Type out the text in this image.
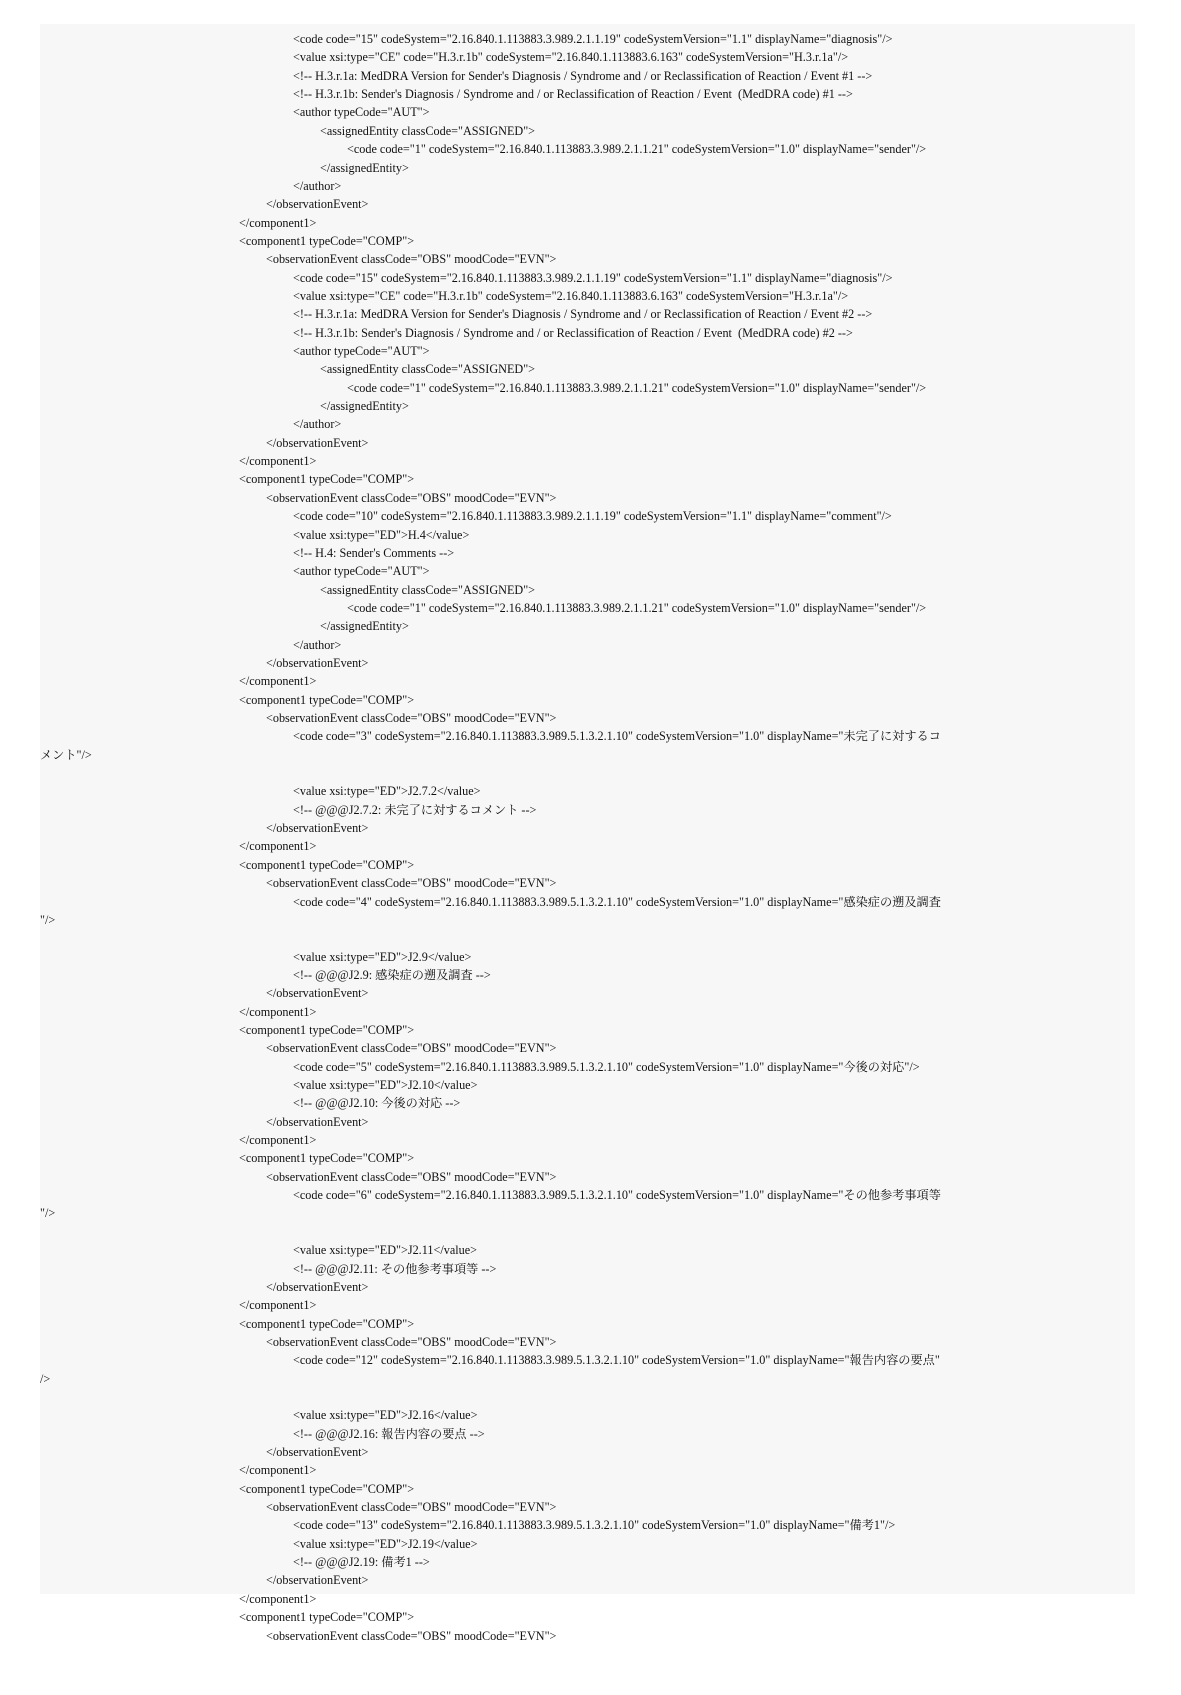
<code code="15" codeSystem="2.16.840.1.113883.3.989.2.1.1.19" codeSystemVersion="1.1" displayName="diagnosis"/>
<value xsi:type="CE" code="H.3.r.1b" codeSystem="2.16.840.1.113883.6.163" codeSystemVersion="H.3.r.1a"/>
<!-- H.3.r.1a: MedDRA Version for Sender's Diagnosis / Syndrome and / or Reclassification of Reaction / Event #1 -->
<!-- H.3.r.1b: Sender's Diagnosis / Syndrome and / or Reclassification of Reaction / Event  (MedDRA code) #1 -->
<author typeCode="AUT">
<assignedEntity classCode="ASSIGNED">
<code code="1" codeSystem="2.16.840.1.113883.3.989.2.1.1.21" codeSystemVersion="1.0" displayName="sender"/>
</assignedEntity>
</author>
</observationEvent>
</component1>
<component1 typeCode="COMP">
<observationEvent classCode="OBS" moodCode="EVN">
<code code="15" codeSystem="2.16.840.1.113883.3.989.2.1.1.19" codeSystemVersion="1.1" displayName="diagnosis"/>
<value xsi:type="CE" code="H.3.r.1b" codeSystem="2.16.840.1.113883.6.163" codeSystemVersion="H.3.r.1a"/>
<!-- H.3.r.1a: MedDRA Version for Sender's Diagnosis / Syndrome and / or Reclassification of Reaction / Event #2 -->
<!-- H.3.r.1b: Sender's Diagnosis / Syndrome and / or Reclassification of Reaction / Event  (MedDRA code) #2 -->
<author typeCode="AUT">
<assignedEntity classCode="ASSIGNED">
<code code="1" codeSystem="2.16.840.1.113883.3.989.2.1.1.21" codeSystemVersion="1.0" displayName="sender"/>
</assignedEntity>
</author>
</observationEvent>
</component1>
<component1 typeCode="COMP">
<observationEvent classCode="OBS" moodCode="EVN">
<code code="10" codeSystem="2.16.840.1.113883.3.989.2.1.1.19" codeSystemVersion="1.1" displayName="comment"/>
<value xsi:type="ED">H.4</value>
<!-- H.4: Sender's Comments -->
<author typeCode="AUT">
<assignedEntity classCode="ASSIGNED">
<code code="1" codeSystem="2.16.840.1.113883.3.989.2.1.1.21" codeSystemVersion="1.0" displayName="sender"/>
</assignedEntity>
</author>
</observationEvent>
</component1>
<component1 typeCode="COMP">
<observationEvent classCode="OBS" moodCode="EVN">
<code code="3" codeSystem="2.16.840.1.113883.3.989.5.1.3.2.1.10" codeSystemVersion="1.0" displayName="未完了に対するコ
メント"/>
<value xsi:type="ED">J2.7.2</value>
<!-- @@@J2.7.2: 未完了に対するコメント -->
</observationEvent>
</component1>
<component1 typeCode="COMP">
<observationEvent classCode="OBS" moodCode="EVN">
<code code="4" codeSystem="2.16.840.1.113883.3.989.5.1.3.2.1.10" codeSystemVersion="1.0" displayName="感染症の遡及調査
"/>
<value xsi:type="ED">J2.9</value>
<!-- @@@J2.9: 感染症の遡及調査 -->
</observationEvent>
</component1>
<component1 typeCode="COMP">
<observationEvent classCode="OBS" moodCode="EVN">
<code code="5" codeSystem="2.16.840.1.113883.3.989.5.1.3.2.1.10" codeSystemVersion="1.0" displayName="今後の対応"/>
<value xsi:type="ED">J2.10</value>
<!-- @@@J2.10: 今後の対応 -->
</observationEvent>
</component1>
<component1 typeCode="COMP">
<observationEvent classCode="OBS" moodCode="EVN">
<code code="6" codeSystem="2.16.840.1.113883.3.989.5.1.3.2.1.10" codeSystemVersion="1.0" displayName="その他参考事項等
"/>
<value xsi:type="ED">J2.11</value>
<!-- @@@J2.11: その他参考事項等 -->
</observationEvent>
</component1>
<component1 typeCode="COMP">
<observationEvent classCode="OBS" moodCode="EVN">
<code code="12" codeSystem="2.16.840.1.113883.3.989.5.1.3.2.1.10" codeSystemVersion="1.0" displayName="報告内容の要点"
/>
<value xsi:type="ED">J2.16</value>
<!-- @@@J2.16: 報告内容の要点 -->
</observationEvent>
</component1>
<component1 typeCode="COMP">
<observationEvent classCode="OBS" moodCode="EVN">
<code code="13" codeSystem="2.16.840.1.113883.3.989.5.1.3.2.1.10" codeSystemVersion="1.0" displayName="備考1"/>
<value xsi:type="ED">J2.19</value>
<!-- @@@J2.19: 備考1 -->
</observationEvent>
</component1>
<component1 typeCode="COMP">
<observationEvent classCode="OBS" moodCode="EVN">
